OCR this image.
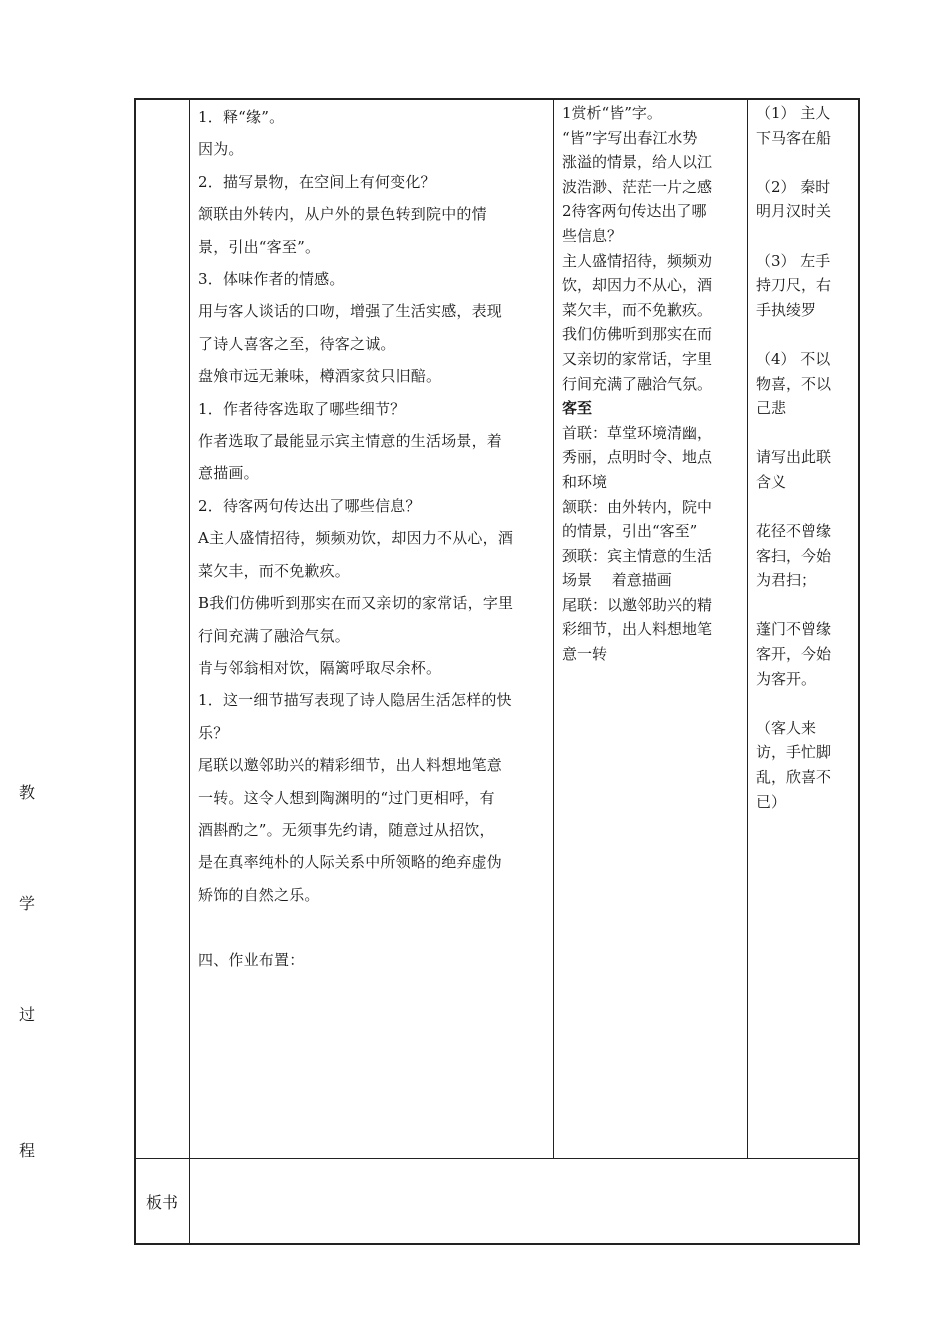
教
学
过
程

1．释“缘”。

因为。

2．描写景物，在空间上有何变化？

颔联由外转内，从户外的景色转到院中的情

景，引出“客至”。

3．体味作者的情感。

用与客人谈话的口吻，增强了生活实感，表现

了诗人喜客之至，待客之诚。

盘飧市远无兼味，樽酒家贫只旧醅。

1．作者待客选取了哪些细节？

作者选取了最能显示宾主情意的生活场景，着

意描画。

2．待客两句传达出了哪些信息？

A主人盛情招待，频频劝饮，却因力不从心，酒

菜欠丰，而不免歉疚。

B我们仿佛听到那实在而又亲切的家常话，字里

行间充满了融洽气氛。

肯与邻翁相对饮，隔篱呼取尽余杯。

1．这一细节描写表现了诗人隐居生活怎样的快

乐？

尾联以邀邻助兴的精彩细节，出人料想地笔意

一转。这令人想到陶渊明的“过门更相呼，有

酒斟酌之”。无须事先约请，随意过从招饮，

是在真率纯朴的人际关系中所领略的绝弃虚伪

矫饰的自然之乐。

四、作业布置：

1赏析“皆”字。

“皆”字写出春江水势

涨溢的情景，给人以江

波浩渺、茫茫一片之感

2待客两句传达出了哪

些信息？

主人盛情招待，频频劝

饮，却因力不从心，酒

菜欠丰，而不免歉疚。

我们仿佛听到那实在而

又亲切的家常话，字里

行间充满了融洽气氛。

客至

首联：草堂环境清幽，

秀丽，点明时令、地点

和环境

颔联：由外转内，院中

的情景，引出“客至”

颈联：宾主情意的生活

场景　 着意描画

尾联：以邀邻助兴的精

彩细节，出人料想地笔

意一转

（1） 主人

下马客在船

（2） 秦时

明月汉时关

（3） 左手

持刀尺，右

手执绫罗

（4） 不以

物喜，不以

己悲

请写出此联

含义

花径不曾缘

客扫，今始

为君扫；

蓬门不曾缘

客开，今始

为客开。

（客人来

访，手忙脚

乱，欣喜不

已）

板书
